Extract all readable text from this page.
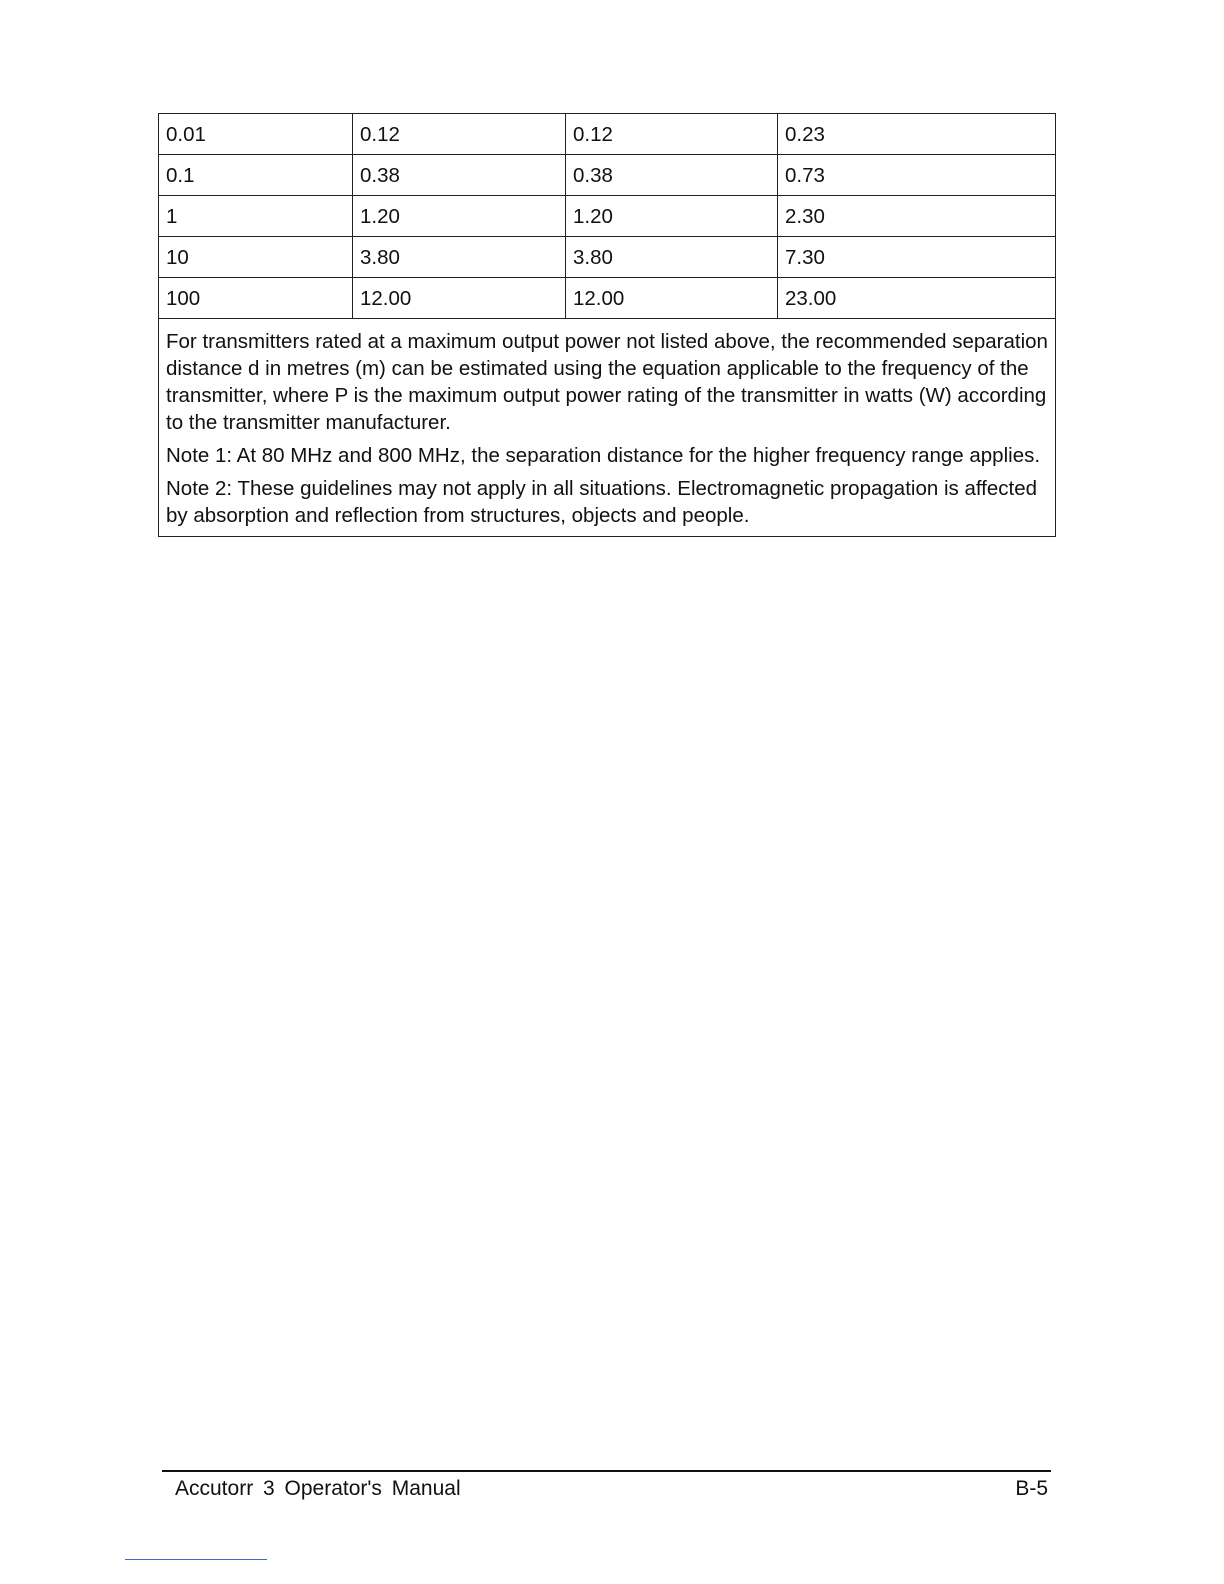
0.01	0.12	0.12	0.23
0.1	0.38	0.38	0.73
1	1.20	1.20	2.30
10	3.80	3.80	7.30
100	12.00	12.00	23.00

For transmitters rated at a maximum output power not listed above, the recommended separation distance d in metres (m) can be estimated using the equation applicable to the frequency of the transmitter, where P is the maximum output power rating of the transmitter in watts (W) according to the transmitter manufacturer.

Note 1: At 80 MHz and 800 MHz, the separation distance for the higher frequency range applies.

Note 2: These guidelines may not apply in all situations. Electromagnetic propagation is affected by absorption and reflection from structures, objects and people.			

Accutorr 3 Operator's Manual	B-5
